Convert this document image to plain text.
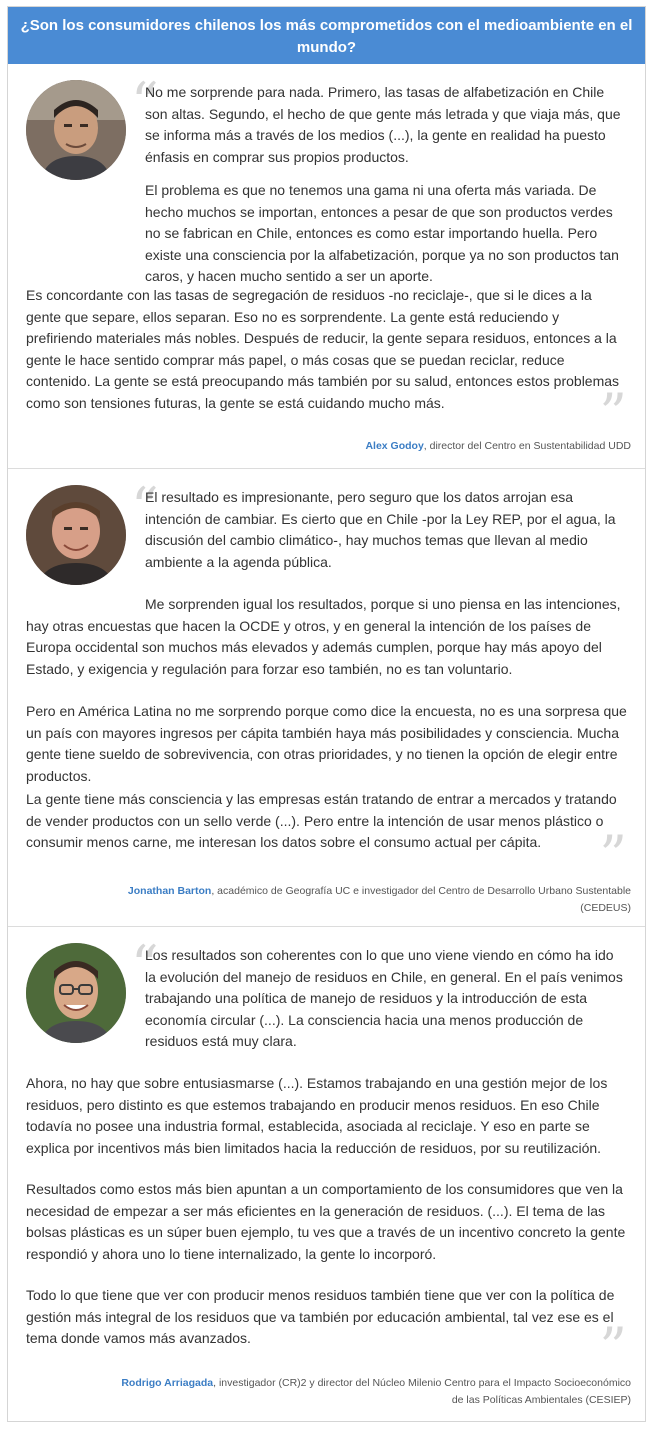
¿Son los consumidores chilenos los más comprometidos con el medioambiente en el mundo?
“

No me sorprende para nada. Primero, las tasas de alfabetización en Chile son altas. Segundo, el hecho de que gente más letrada y que viaja más, que se informa más a través de los medios (...), la gente en realidad ha puesto énfasis en comprar sus propios productos.

El problema es que no tenemos una gama ni una oferta más variada. De hecho muchos se importan, entonces a pesar de que son productos verdes no se fabrican en Chile, entonces es como estar importando huella. Pero existe una consciencia por la alfabetización, porque ya no son productos tan caros, y hacen mucho sentido a ser un aporte.

Es concordante con las tasas de segregación de residuos -no reciclaje-, que si le dices a la gente que separe, ellos separan. Eso no es sorprendente. La gente está reduciendo y prefiriendo materiales más nobles. Después de reducir, la gente separa residuos, entonces a la gente le hace sentido comprar más papel, o más cosas que se puedan reciclar, reduce contenido. La gente se está preocupando más también por su salud, entonces estos problemas como son tensiones futuras, la gente se está cuidando mucho más.	”
Alex Godoy, director del Centro en Sustentabilidad UDD
“

El resultado es impresionante, pero seguro que los datos arrojan esa intención de cambiar. Es cierto que en Chile -por la Ley REP, por el agua, la discusión del cambio climático-, hay muchos temas que llevan al medio ambiente a la agenda pública.

Me sorprenden igual los resultados, porque si uno piensa en las intenciones, hay otras encuestas que hacen la OCDE y otros, y en general la intención de los países de Europa occidental son muchos más elevados y además cumplen, porque hay más apoyo del Estado, y exigencia y regulación para forzar eso también, no es tan voluntario.

Pero en América Latina no me sorprendo porque como dice la encuesta, no es una sorpresa que un país con mayores ingresos per cápita también haya más posibilidades y consciencia. Mucha gente tiene sueldo de sobrevivencia, con otras prioridades, y no tienen la opción de elegir entre productos.

La gente tiene más consciencia y las empresas están tratando de entrar a mercados y tratando de vender productos con un sello verde (...). Pero entre la intención de usar menos plástico o consumir menos carne, me interesan los datos sobre el consumo actual per cápita.	”
Jonathan Barton, académico de Geografía UC e investigador del Centro de Desarrollo Urbano Sustentable (CEDEUS)
“

Los resultados son coherentes con lo que uno viene viendo en cómo ha ido la evolución del manejo de residuos en Chile, en general. En el país venimos trabajando una política de manejo de residuos y la introducción de esta economía circular (...). La consciencia hacia una menos producción de residuos está muy clara.

Ahora, no hay que sobre entusiasmarse (...). Estamos trabajando en una gestión mejor de los residuos, pero distinto es que estemos trabajando en producir menos residuos. En eso Chile todavía no posee una industria formal, establecida, asociada al reciclaje. Y eso en parte se explica por incentivos más bien limitados hacia la reducción de residuos, por su reutilización.

Resultados como estos más bien apuntan a un comportamiento de los consumidores que ven la necesidad de empezar a ser más eficientes en la generación de residuos. (...). El tema de las bolsas plásticas es un súper buen ejemplo, tu ves que a través de un incentivo concreto la gente respondió y ahora uno lo tiene internalizado, la gente lo incorporó.

Todo lo que tiene que ver con producir menos residuos también tiene que ver con la política de gestión más integral de los residuos que va también por educación ambiental, tal vez ese es el tema donde vamos más avanzados.	”
Rodrigo Arriagada, investigador (CR)2 y director del Núcleo Milenio Centro para el Impacto Socioeconómico de las Políticas Ambientales (CESIEP)
